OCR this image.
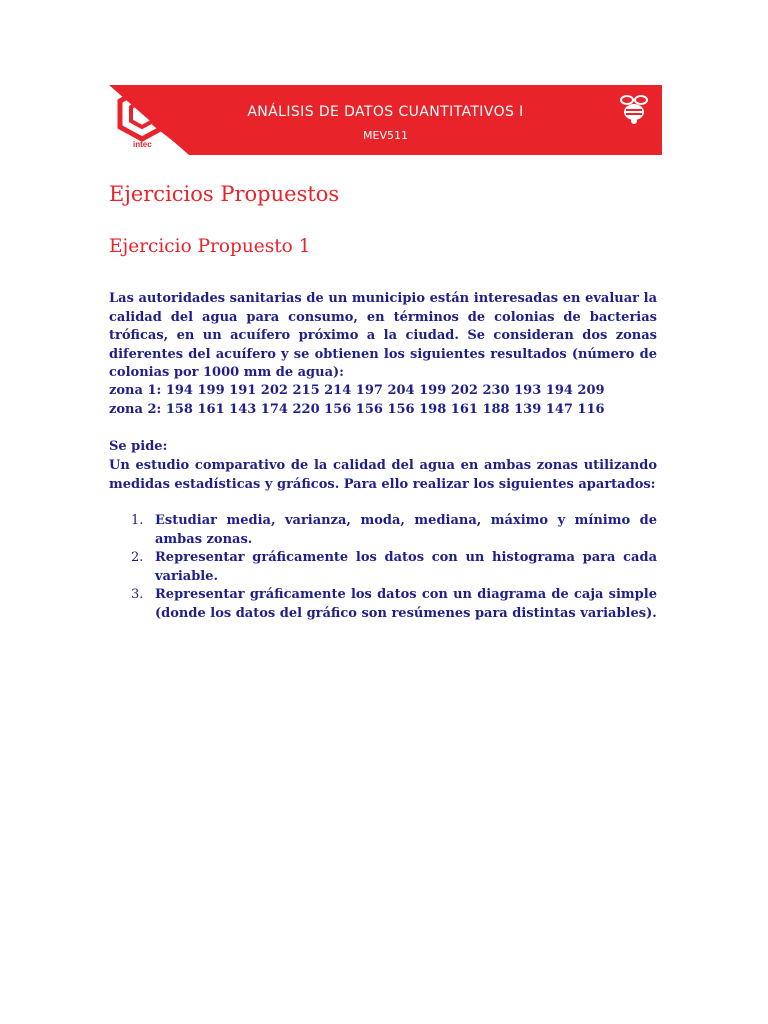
intec
ANÁLISIS DE DATOS CUANTITATIVOS I
MEV511
Ejercicios Propuestos
Ejercicio Propuesto 1
Las autoridades sanitarias de un municipio están interesadas en evaluar la calidad del agua para consumo, en términos de colonias de bacterias tróficas, en un acuífero próximo a la ciudad. Se consideran dos zonas diferentes del acuífero y se obtienen los siguientes resultados (número de colonias por 1000 mm de agua):
zona 1: 194 199 191 202 215 214 197 204 199 202 230 193 194 209
zona 2: 158 161 143 174 220 156 156 156 198 161 188 139 147 116
Se pide:
Un estudio comparativo de la calidad del agua en ambas zonas utilizando medidas estadísticas y gráficos. Para ello realizar los siguientes apartados:
1. Estudiar media, varianza, moda, mediana, máximo y mínimo de ambas zonas.
2. Representar gráficamente los datos con un histograma para cada variable.
3. Representar gráficamente los datos con un diagrama de caja simple (donde los datos del gráfico son resúmenes para distintas variables).
